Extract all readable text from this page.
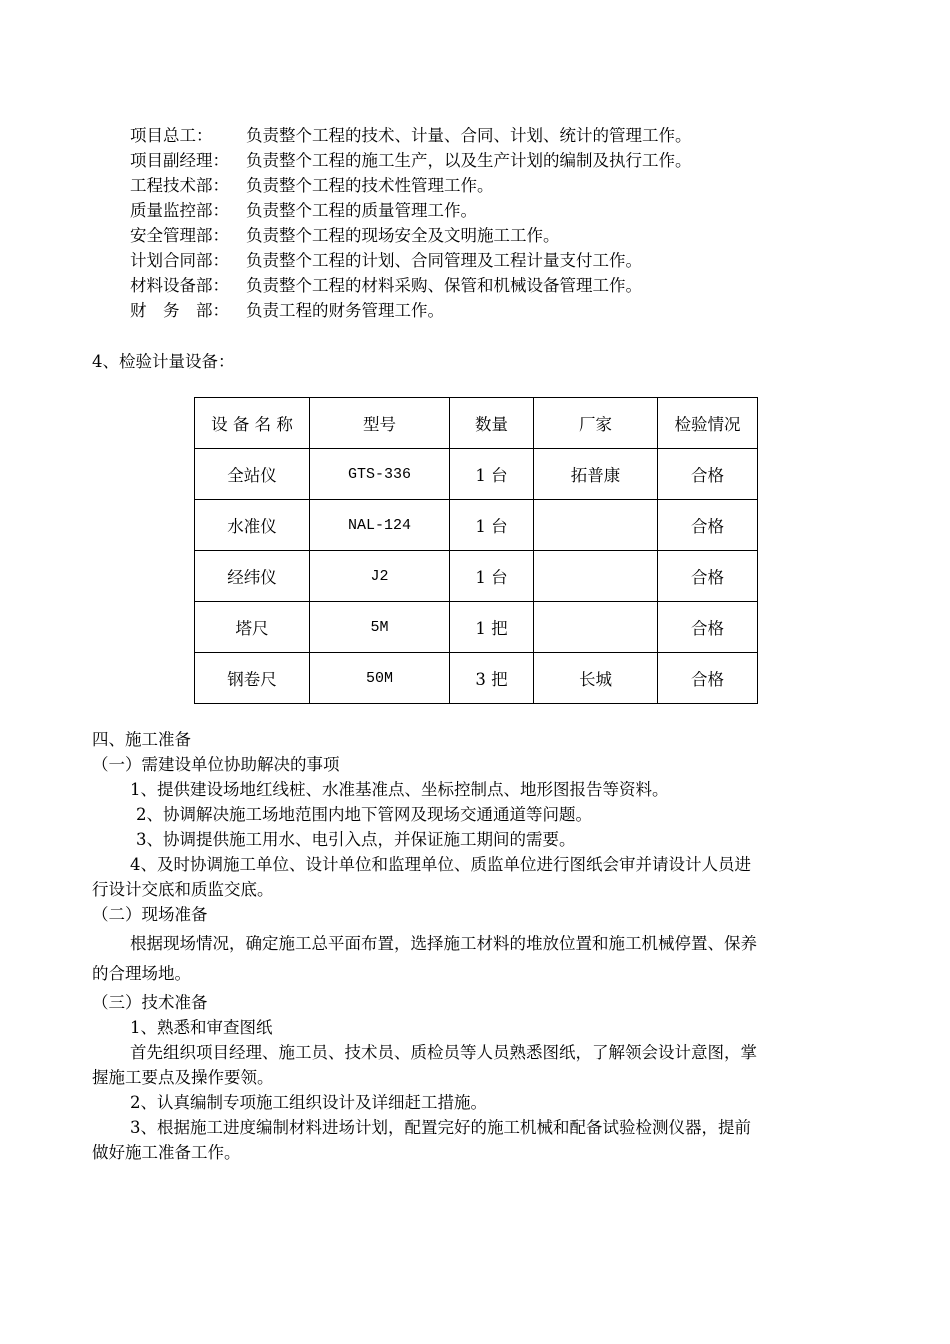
项目总工： 负责整个工程的技术、计量、合同、计划、统计的管理工作。
项目副经理： 负责整个工程的施工生产，以及生产计划的编制及执行工作。
工程技术部： 负责整个工程的技术性管理工作。
质量监控部： 负责整个工程的质量管理工作。
安全管理部： 负责整个工程的现场安全及文明施工工作。
计划合同部： 负责整个工程的计划、合同管理及工程计量支付工作。
材料设备部： 负责整个工程的材料采购、保管和机械设备管理工作。
财　务　部： 负责工程的财务管理工作。
4、检验计量设备：
设 备 名 称	型号	数量	厂家	检验情况
全站仪	GTS-336	1 台	拓普康	合格
水准仪	NAL-124	1 台		合格
经纬仪	J2	1 台		合格
塔尺	5M	1 把		合格
钢卷尺	50M	3 把	长城	合格
四、施工准备
（一）需建设单位协助解决的事项
1、提供建设场地红线桩、水准基准点、坐标控制点、地形图报告等资料。
2、协调解决施工场地范围内地下管网及现场交通通道等问题。
3、协调提供施工用水、电引入点，并保证施工期间的需要。
4、及时协调施工单位、设计单位和监理单位、质监单位进行图纸会审并请设计人员进
行设计交底和质监交底。
（二）现场准备
根据现场情况，确定施工总平面布置，选择施工材料的堆放位置和施工机械停置、保养
的合理场地。
（三）技术准备
1、熟悉和审查图纸
首先组织项目经理、施工员、技术员、质检员等人员熟悉图纸，了解领会设计意图，掌
握施工要点及操作要领。
2、认真编制专项施工组织设计及详细赶工措施。
3、根据施工进度编制材料进场计划，配置完好的施工机械和配备试验检测仪器，提前
做好施工准备工作。
